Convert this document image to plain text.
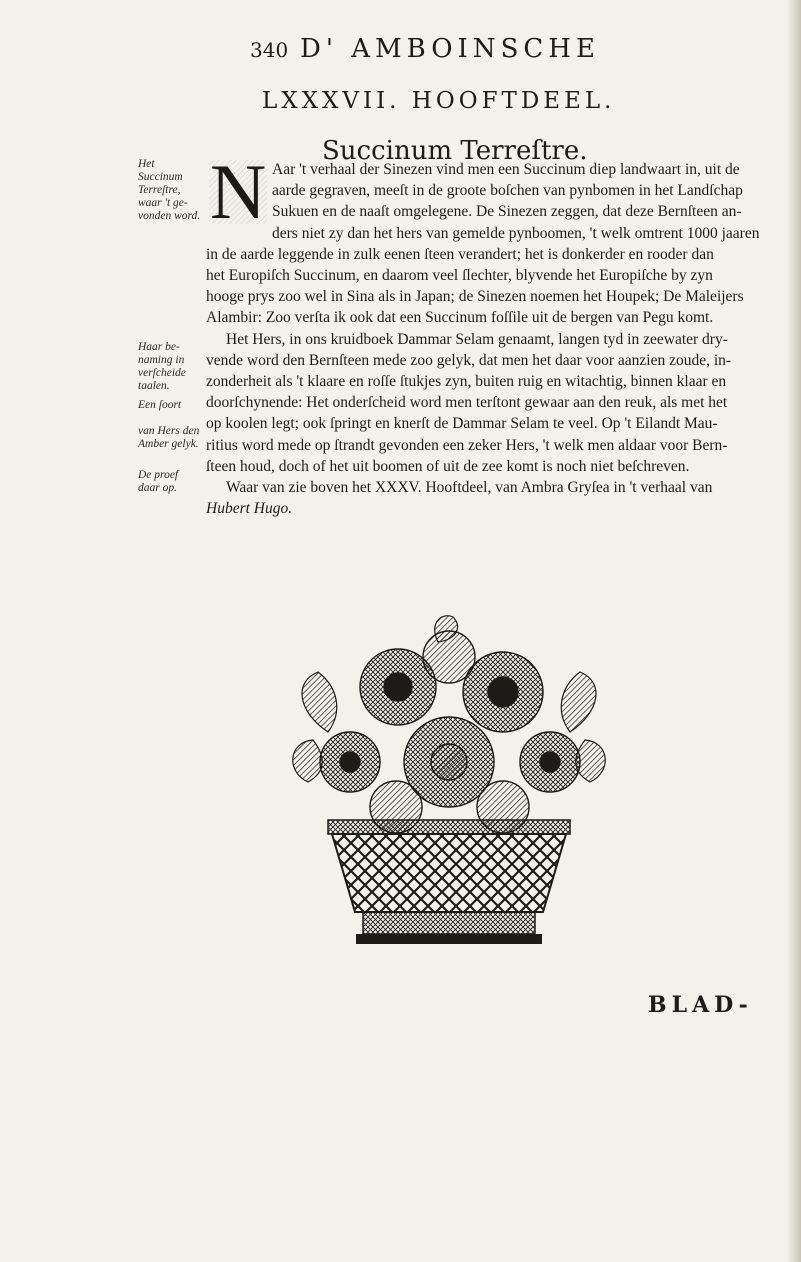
340 D' AMBOINSCHE
LXXXVII. HOOFTDEEL.
Succinum Terreſtre.
Het Succinum Terreſtre, waar 't ge-vonden word.
Haar be-naming in verſcheide taalen.
Een ſoort
van Hers den Amber gelyk.
De proef daar op.
N Aar 't verhaal der Sinezen vind men een Succinum diep landwaart in, uit de
aarde gegraven, meeſt in de groote boſchen van pynbomen in het Landſchap
Sukuen en de naaſt omgelegene. De Sinezen zeggen, dat deze Bernſteen an-
ders niet zy dan het hers van gemelde pynboomen, 't welk omtrent 1000 jaaren
in de aarde leggende in zulk eenen ſteen verandert; het is donkerder en rooder dan
het Europiſch Succinum, en daarom veel ſlechter, blyvende het Europiſche by zyn
hooge prys zoo wel in Sina als in Japan; de Sinezen noemen het Houpek; De Maleijers
Alambir: Zoo verſta ik ook dat een Succinum foſſile uit de bergen van Pegu komt.
Het Hers, in ons kruidboek Dammar Selam genaamt, langen tyd in zeewater dry-
vende word den Bernſteen mede zoo gelyk, dat men het daar voor aanzien zoude, in-
zonderheit als 't klaare en roſſe ſtukjes zyn, buiten ruig en witachtig, binnen klaar en
doorſchynende: Het onderſcheid word men terſtont gewaar aan den reuk, als met het
op koolen legt; ook ſpringt en knerſt de Dammar Selam te veel. Op 't Eilandt Mau-
ritius word mede op ſtrandt gevonden een zeker Hers, 't welk men aldaar voor Bern-
ſteen houd, doch of het uit boomen of uit de zee komt is noch niet beſchreven.
Waar van zie boven het XXXV. Hooftdeel, van Ambra Gryſea in 't verhaal van
Hubert Hugo.
BLAD-
